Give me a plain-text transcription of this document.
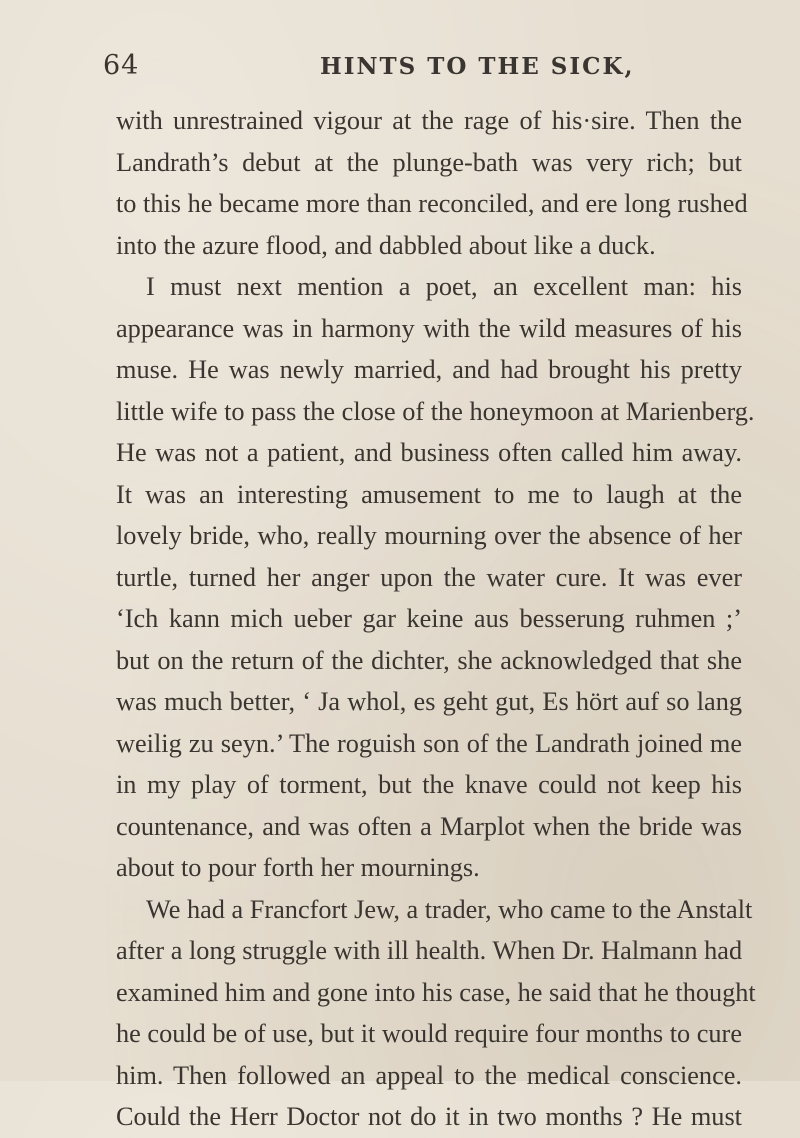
64	HINTS TO THE SICK,
with unrestrained vigour at the rage of his·sire. Then the
Landrath’s debut at the plunge-bath was very rich; but
to this he became more than reconciled, and ere long rushed
into the azure flood, and dabbled about like a duck.
I must next mention a poet, an excellent man: his
appearance was in harmony with the wild measures of his
muse. He was newly married, and had brought his pretty
little wife to pass the close of the honeymoon at Marienberg.
He was not a patient, and business often called him away.
It was an interesting amusement to me to laugh at the
lovely bride, who, really mourning over the absence of her
turtle, turned her anger upon the water cure. It was ever
‘Ich kann mich ueber gar keine aus besserung ruhmen ;’
but on the return of the dichter, she acknowledged that she
was much better, ‘ Ja whol, es geht gut, Es hört auf so lang
weilig zu seyn.’ The roguish son of the Landrath joined me
in my play of torment, but the knave could not keep his
countenance, and was often a Marplot when the bride was
about to pour forth her mournings.
We had a Francfort Jew, a trader, who came to the Anstalt
after a long struggle with ill health. When Dr. Halmann had
examined him and gone into his case, he said that he thought
he could be of use, but it would require four months to cure
him. Then followed an appeal to the medical conscience.
Could the Herr Doctor not do it in two months ? He must
